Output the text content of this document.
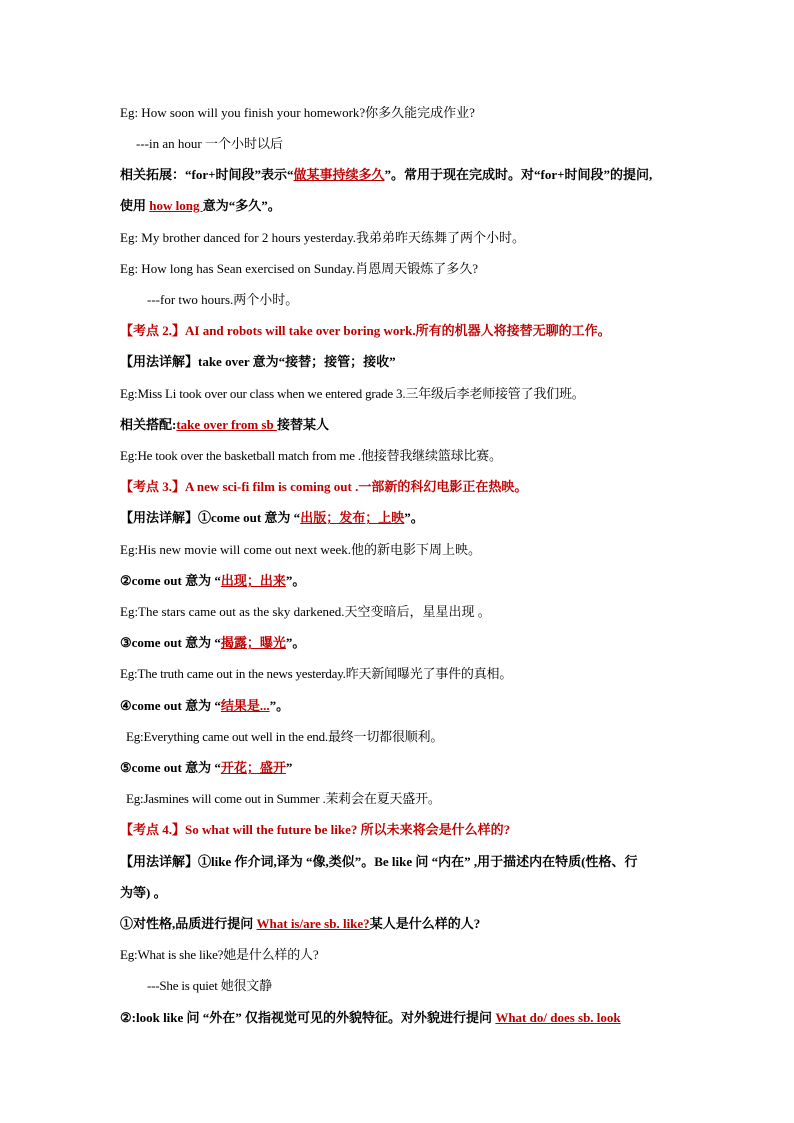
Eg: How soon will you finish your homework?你多久能完成作业?
---in an hour 一个小时以后
相关拓展：“for+时间段”表示“做某事持续多久”。常用于现在完成时。对“for+时间段”的提问,
使用 how long 意为“多久”。
Eg: My brother danced for 2 hours yesterday.我弟弟昨天练舞了两个小时。
Eg: How long has Sean exercised on Sunday.肖恩周天锻炼了多久?
---for two hours.两个小时。
【考点 2.】AI and robots will take over boring work.所有的机器人将接替无聊的工作。
【用法详解】take over 意为“接替；接管；接收”
Eg:Miss Li took over our class when we entered grade 3.三年级后李老师接管了我们班。
相关搭配:take over from sb 接替某人
Eg:He took over the basketball match from me .他接替我继续篮球比赛。
【考点 3.】A new sci-fi film is coming out .一部新的科幻电影正在热映。
【用法详解】①come out 意为 “出版；发布；上映”。
Eg:His new movie will come out next week.他的新电影下周上映。
②come out 意为 “出现；出来”。
Eg:The stars came out as the sky darkened.天空变暗后，星星出现 。
③come out 意为 “揭露；曝光”。
Eg:The truth came out in the news yesterday.昨天新闻曝光了事件的真相。
④come out 意为 “结果是...”。
Eg:Everything came out well in the end.最终一切都很顺利。
⑤come out 意为 “开花；盛开”
Eg:Jasmines will come out in Summer .茉莉会在夏天盛开。
【考点 4.】So what will the future be like? 所以未来将会是什么样的?
【用法详解】①like 作介词,译为 “像,类似”。Be like 问 “内在” ,用于描述内在特质(性格、行
为等) 。
①对性格,品质进行提问 What is/are sb. like?某人是什么样的人?
Eg:What is she like?她是什么样的人?
---She is quiet 她很文静
②:look like 问 “外在” 仅指视觉可见的外貌特征。对外貌进行提问 What do/ does sb. look
